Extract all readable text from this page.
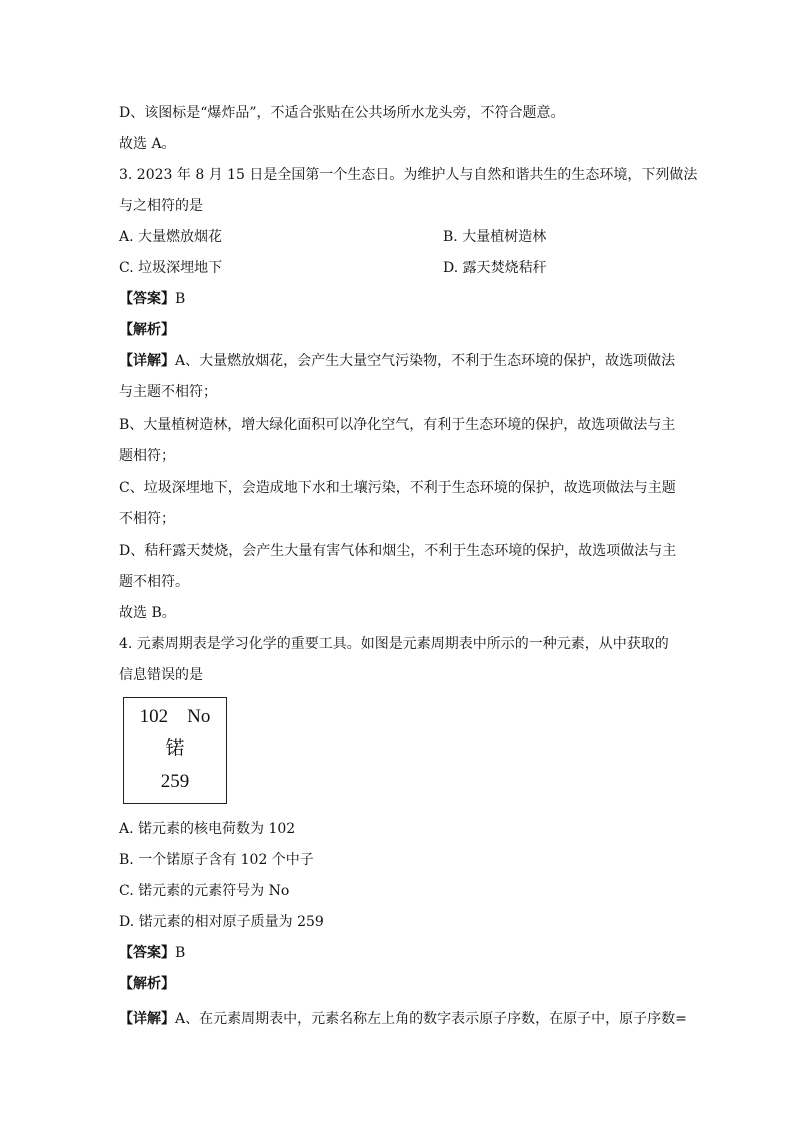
D、该图标是“爆炸品”，不适合张贴在公共场所水龙头旁，不符合题意。
故选 A。
3. 2023 年 8 月 15 日是全国第一个生态日。为维护人与自然和谐共生的生态环境，下列做法
与之相符的是
A. 大量燃放烟花	B. 大量植树造林
C. 垃圾深埋地下	D. 露天焚烧秸秆
【答案】B
【解析】
【详解】A、大量燃放烟花，会产生大量空气污染物，不利于生态环境的保护，故选项做法
与主题不相符；
B、大量植树造林，增大绿化面积可以净化空气，有利于生态环境的保护，故选项做法与主
题相符；
C、垃圾深埋地下，会造成地下水和土壤污染，不利于生态环境的保护，故选项做法与主题
不相符；
D、秸秆露天焚烧，会产生大量有害气体和烟尘，不利于生态环境的保护，故选项做法与主
题不相符。
故选 B。
4. 元素周期表是学习化学的重要工具。如图是元素周期表中所示的一种元素，从中获取的
信息错误的是
102 No
锘
259
A. 锘元素的核电荷数为 102
B. 一个锘原子含有 102 个中子
C. 锘元素的元素符号为 No
D. 锘元素的相对原子质量为 259
【答案】B
【解析】
【详解】A、在元素周期表中，元素名称左上角的数字表示原子序数，在原子中，原子序数=
